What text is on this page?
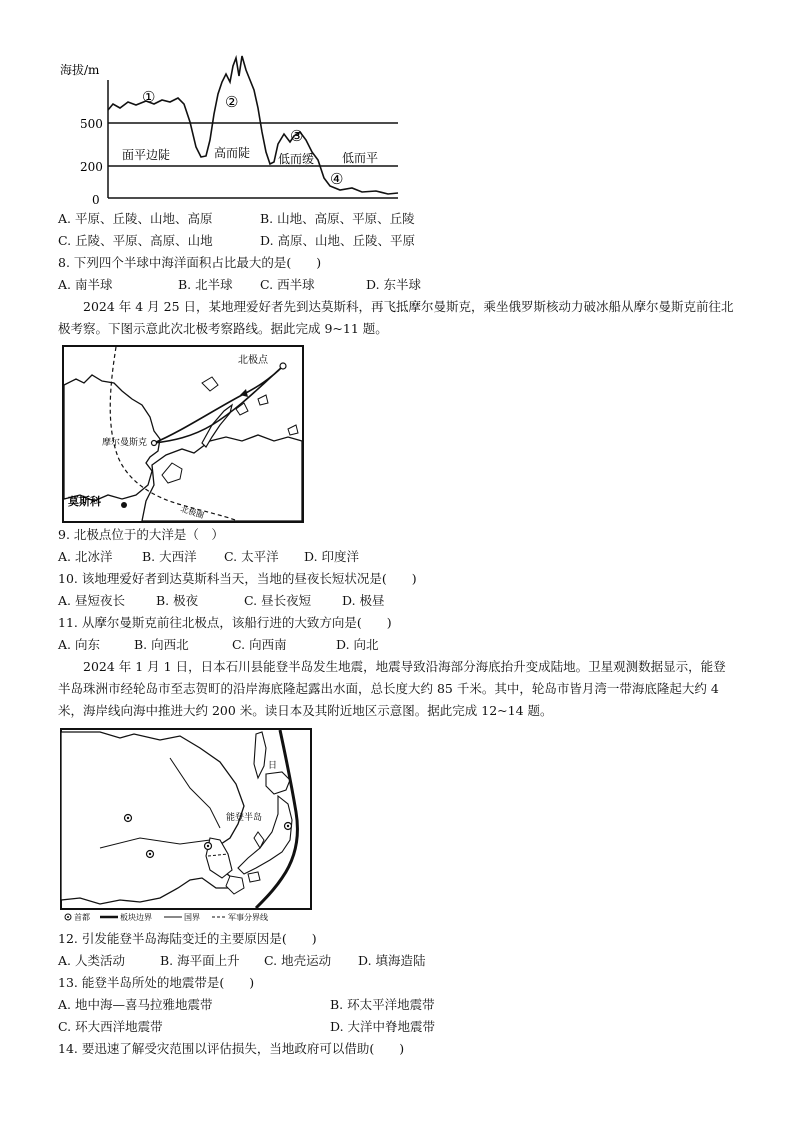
海拔/m
500
200
0
①	②
③
④
面平边陡	高而陡 低而缓 低而平
A. 平原、丘陵、山地、高原	B. 山地、高原、平原、丘陵
C. 丘陵、平原、高原、山地	D. 高原、山地、丘陵、平原
8. 下列四个半球中海洋面积占比最大的是(　　)
A. 南半球	B. 北半球 C. 西半球	D. 东半球
2024 年 4 月 25 日，某地理爱好者先到达莫斯科，再飞抵摩尔曼斯克，乘坐俄罗斯核动力破冰船从摩尔曼斯克前往北极考察。下图示意此次北极考察路线。据此完成 9~11 题。
北极点
摩尔曼斯克
莫斯科
北极圈
9. 北极点位于的大洋是（　）
A. 北冰洋 B. 大西洋 C. 太平洋 D. 印度洋
10. 该地理爱好者到达莫斯科当天，当地的昼夜长短状况是(　　)
A. 昼短夜长 B. 极夜	C. 昼长夜短 D. 极昼
11. 从摩尔曼斯克前往北极点，该船行进的大致方向是(　　)
A. 向东	B. 向西北	C. 向西南	D. 向北
2024 年 1 月 1 日，日本石川县能登半岛发生地震，地震导致沿海部分海底抬升变成陆地。卫星观测数据显示，能登半岛珠洲市经轮岛市至志贺町的沿岸海底隆起露出水面，总长度大约 85 千米。其中，轮岛市皆月湾一带海底隆起大约 4 米，海岸线向海中推进大约 200 米。读日本及其附近地区示意图。据此完成 12~14 题。
能登半岛
日
首都	板块边界	国界	军事分界线
12. 引发能登半岛海陆变迁的主要原因是(　　)
A. 人类活动	B. 海平面上升 C. 地壳运动 D. 填海造陆
13. 能登半岛所处的地震带是(　　)
A. 地中海—喜马拉雅地震带	B. 环太平洋地震带
C. 环大西洋地震带	D. 大洋中脊地震带
14. 要迅速了解受灾范围以评估损失，当地政府可以借助(　　)
